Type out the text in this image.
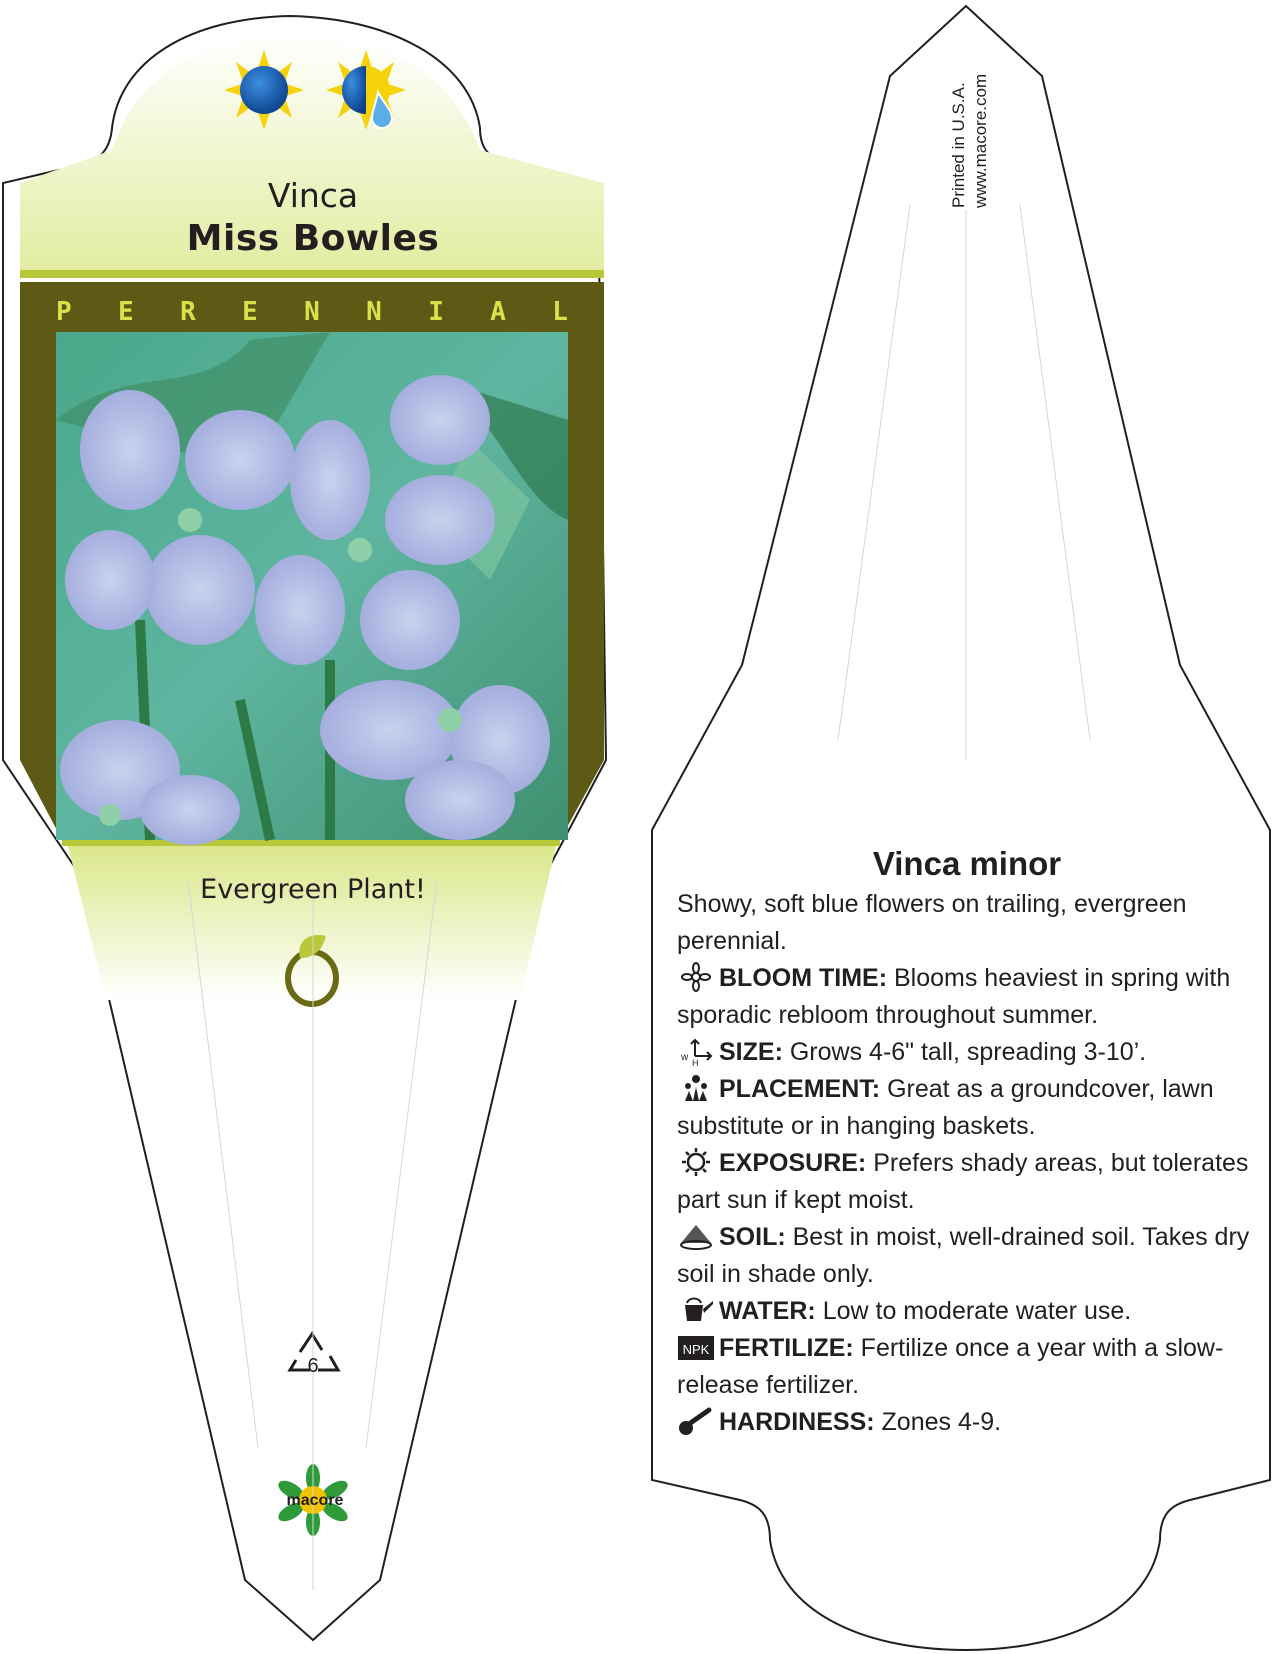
Vinca
Miss Bowles
P E R E N N I A L
Evergreen Plant!
6
macore
Printed in U.S.A. www.macore.com
Vinca minor

Showy, soft blue flowers on trailing, evergreen perennial.

BLOOM TIME: Blooms heaviest in spring with sporadic rebloom throughout summer.

w H SIZE: Grows 4-6" tall, spreading 3-10’.

PLACEMENT: Great as a groundcover, lawn substitute or in hanging baskets.

EXPOSURE: Prefers shady areas, but tolerates part sun if kept moist.

SOIL: Best in moist, well-drained soil. Takes dry soil in shade only.

WATER: Low to moderate water use.

NPK FERTILIZE: Fertilize once a year with a slow-release fertilizer.

HARDINESS: Zones 4-9.
